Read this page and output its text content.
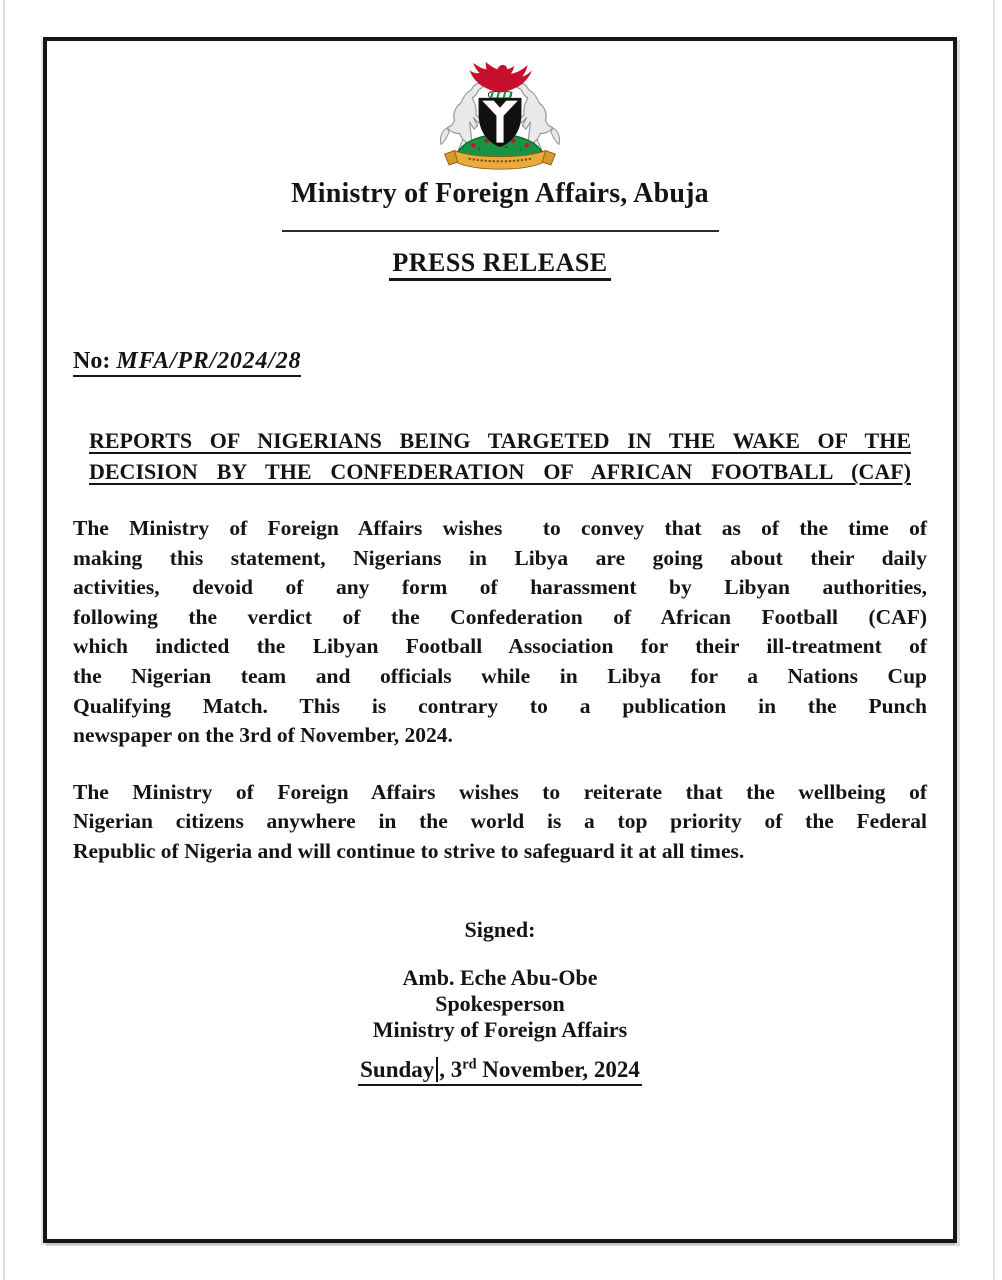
Ministry of Foreign Affairs, Abuja
PRESS RELEASE
No: MFA/PR/2024/28
REPORTS OF NIGERIANS BEING TARGETED IN THE WAKE OF THE
DECISION BY THE CONFEDERATION OF AFRICAN FOOTBALL (CAF)
The Ministry of Foreign Affairs wishes  to convey that as of the time of
making this statement, Nigerians in Libya are going about their daily
activities, devoid of any form of harassment by Libyan authorities,
following the verdict of the Confederation of African Football (CAF)
which indicted the Libyan Football Association for their ill-treatment of
the Nigerian team and officials while in Libya for a Nations Cup
Qualifying Match. This is contrary to a publication in the Punch
newspaper on the 3rd of November, 2024.
The Ministry of Foreign Affairs wishes to reiterate that the wellbeing of
Nigerian citizens anywhere in the world is a top priority of the Federal
Republic of Nigeria and will continue to strive to safeguard it at all times.
Signed:
Amb. Eche Abu-Obe
Spokesperson
Ministry of Foreign Affairs
Sunday , 3rd November, 2024
